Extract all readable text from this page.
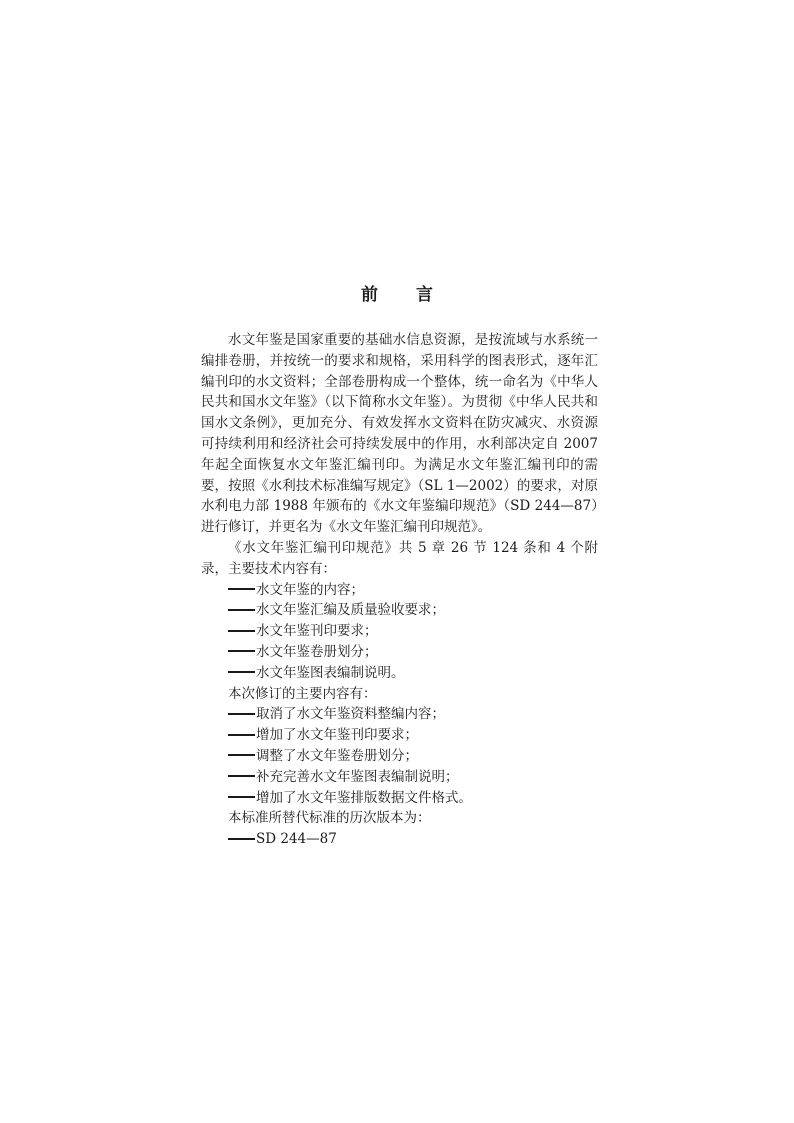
前 言

水文年鉴是国家重要的基础水信息资源，是按流域与水系统一编排卷册，并按统一的要求和规格，采用科学的图表形式，逐年汇编刊印的水文资料；全部卷册构成一个整体，统一命名为《中华人民共和国水文年鉴》（以下简称水文年鉴）。为贯彻《中华人民共和国水文条例》，更加充分、有效发挥水文资料在防灾减灾、水资源可持续利用和经济社会可持续发展中的作用，水利部决定自 2007 年起全面恢复水文年鉴汇编刊印。为满足水文年鉴汇编刊印的需要，按照《水利技术标准编写规定》（SL 1—2002）的要求，对原水利电力部 1988 年颁布的《水文年鉴编印规范》（SD 244—87）进行修订，并更名为《水文年鉴汇编刊印规范》。

《水文年鉴汇编刊印规范》共 5 章 26 节 124 条和 4 个附录，主要技术内容有：

水文年鉴的内容；

水文年鉴汇编及质量验收要求；

水文年鉴刊印要求；

水文年鉴卷册划分；

水文年鉴图表编制说明。

本次修订的主要内容有：

取消了水文年鉴资料整编内容；

增加了水文年鉴刊印要求；

调整了水文年鉴卷册划分；

补充完善水文年鉴图表编制说明；

增加了水文年鉴排版数据文件格式。

本标准所替代标准的历次版本为：

SD 244—87
